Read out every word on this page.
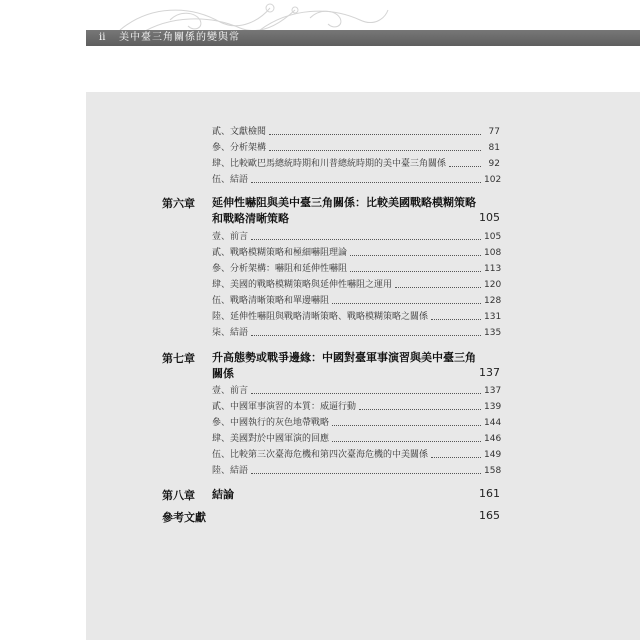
ii 美中臺三角關係的變與常
貳、文獻檢閱	77
參、分析架構	81
肆、比較歐巴馬總統時期和川普總統時期的美中臺三角關係	92
伍、結語	102
第六章 延伸性嚇阻與美中臺三角關係：比較美國戰略模糊策略和戰略清晰策略	105
壹、前言	105
貳、戰略模糊策略和極細嚇阻理論	108
參、分析架構：嚇阻和延伸性嚇阻	113
肆、美國的戰略模糊策略與延伸性嚇阻之運用	120
伍、戰略清晰策略和單邊嚇阻	128
陸、延伸性嚇阻與戰略清晰策略、戰略模糊策略之關係	131
柒、結語	135
第七章 升高態勢或戰爭邊緣：中國對臺軍事演習與美中臺三角關係	137
壹、前言	137
貳、中國軍事演習的本質：威逼行動	139
參、中國執行的灰色地帶戰略	144
肆、美國對於中國軍演的回應	146
伍、比較第三次臺海危機和第四次臺海危機的中美關係	149
陸、結語	158
第八章 結論	161
參考文獻	165
